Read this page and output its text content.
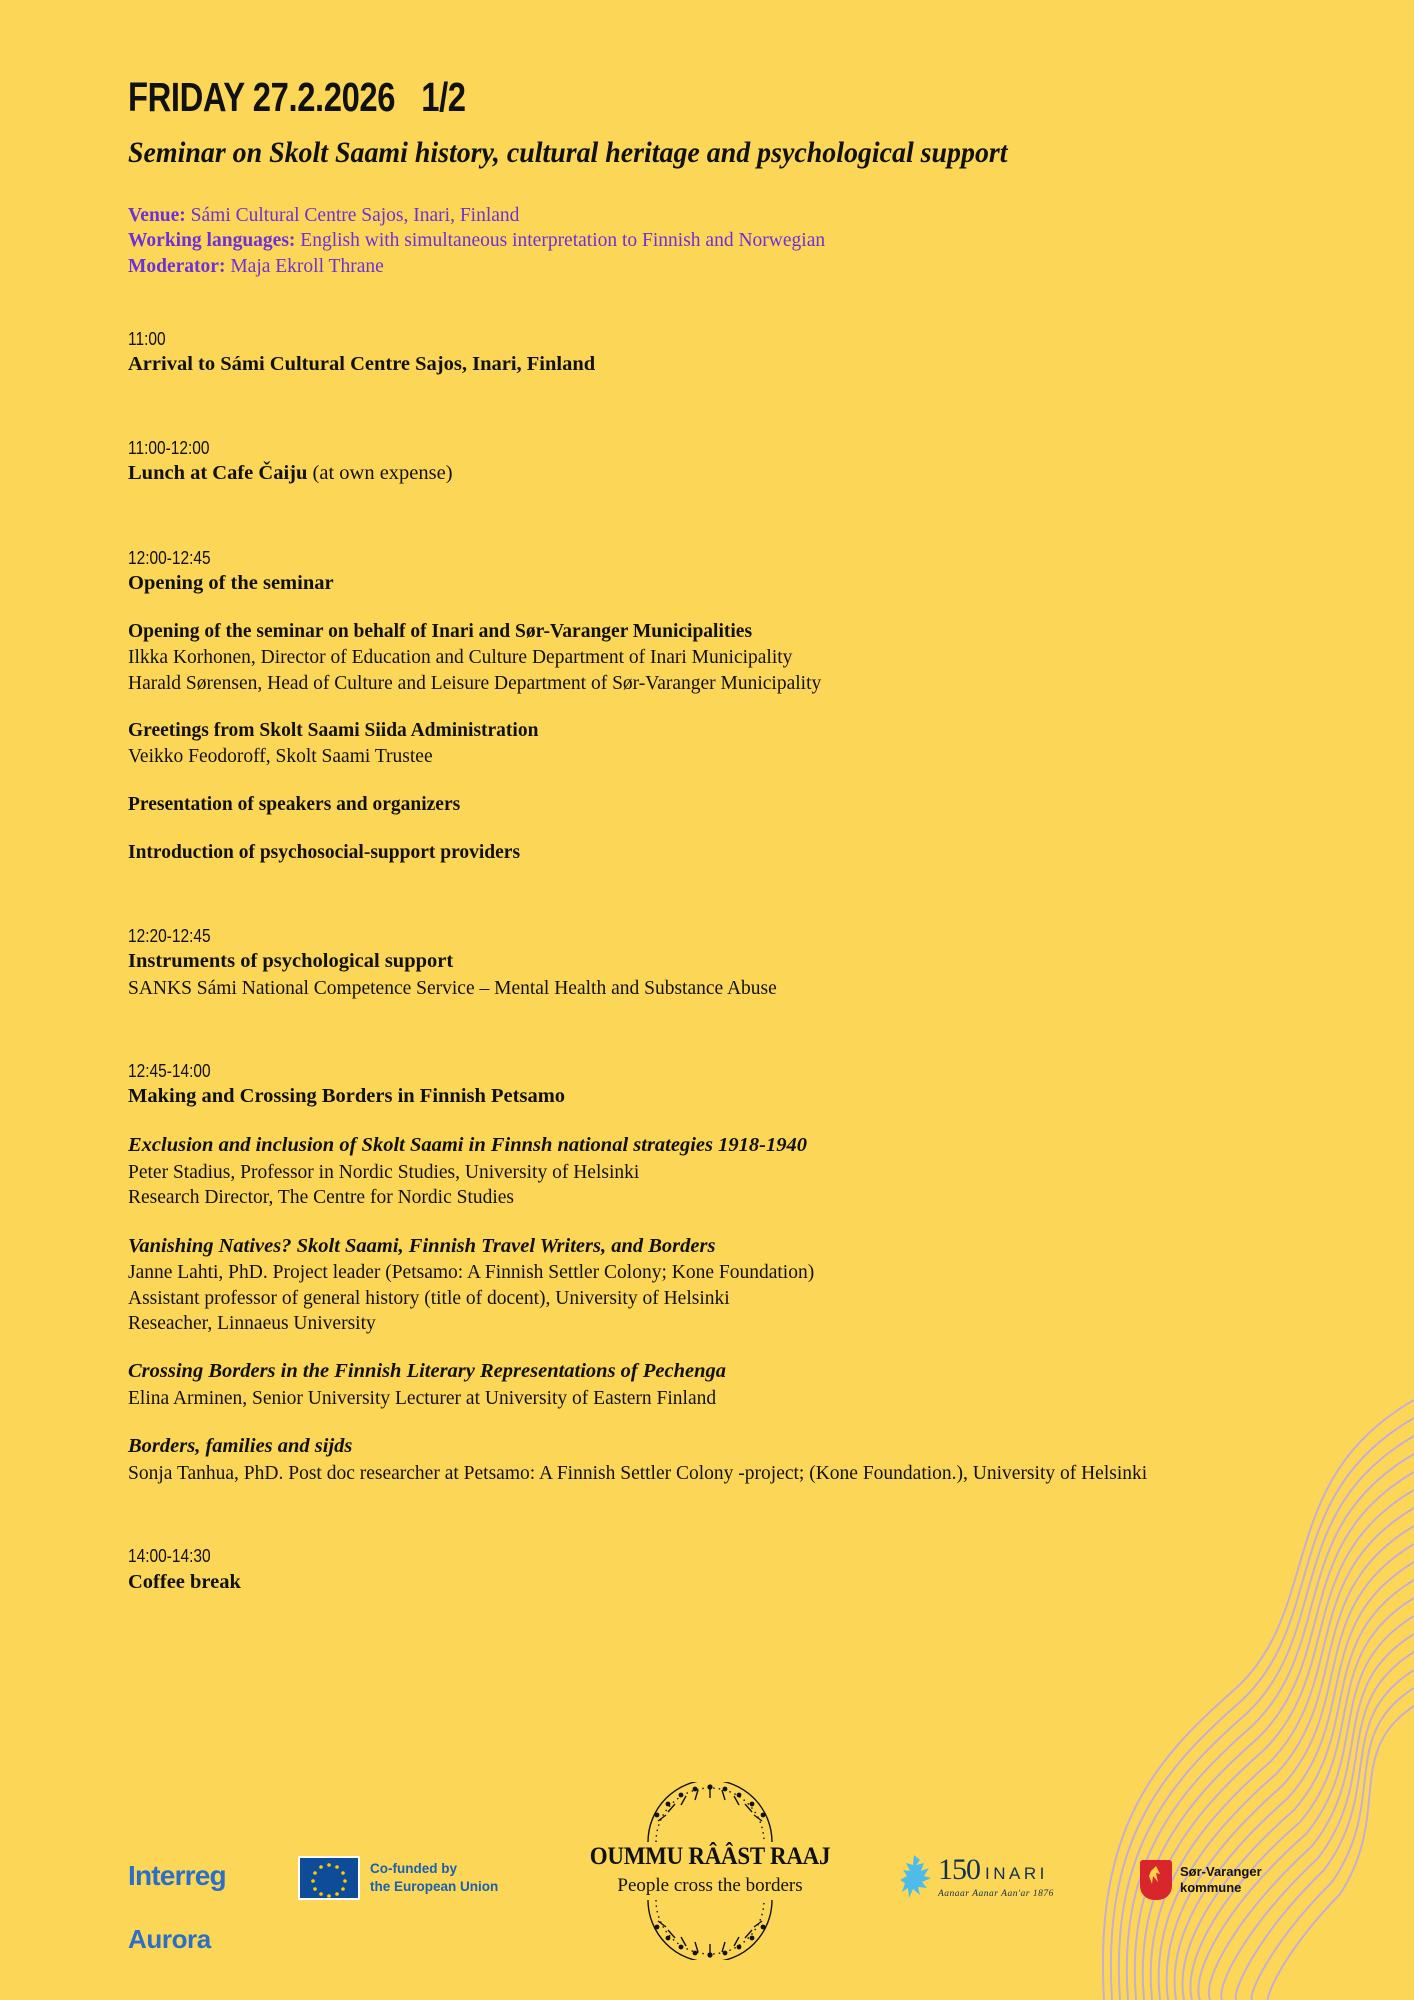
FRIDAY 27.2.2026   1/2
Seminar on Skolt Saami history, cultural heritage and psychological support
Venue: Sámi Cultural Centre Sajos, Inari, Finland
Working languages: English with simultaneous interpretation to Finnish and Norwegian
Moderator: Maja Ekroll Thrane
11:00
Arrival to Sámi Cultural Centre Sajos, Inari, Finland
11:00-12:00
Lunch at Cafe Čaiju (at own expense)
12:00-12:45
Opening of the seminar
Opening of the seminar on behalf of Inari and Sør-Varanger Municipalities
Ilkka Korhonen, Director of Education and Culture Department of Inari Municipality
Harald Sørensen, Head of Culture and Leisure Department of Sør-Varanger Municipality
Greetings from Skolt Saami Siida Administration
Veikko Feodoroff, Skolt Saami Trustee
Presentation of speakers and organizers
Introduction of psychosocial-support providers
12:20-12:45
Instruments of psychological support
SANKS Sámi National Competence Service – Mental Health and Substance Abuse
12:45-14:00
Making and Crossing Borders in Finnish Petsamo
Exclusion and inclusion of Skolt Saami in Finnsh national strategies 1918-1940
Peter Stadius, Professor in Nordic Studies, University of Helsinki
Research Director, The Centre for Nordic Studies
Vanishing Natives? Skolt Saami, Finnish Travel Writers, and Borders
Janne Lahti, PhD. Project leader (Petsamo: A Finnish Settler Colony; Kone Foundation)
Assistant professor of general history (title of docent), University of Helsinki
Reseacher, Linnaeus University
Crossing Borders in the Finnish Literary Representations of Pechenga
Elina Arminen, Senior University Lecturer at University of Eastern Finland
Borders, families and sijds
Sonja Tanhua, PhD. Post doc researcher at Petsamo: A Finnish Settler Colony -project; (Kone Foundation.), University of Helsinki
14:00-14:30
Coffee break
Interreg
Aurora
Co-funded by
the European Union
OUMMU RÂÂST RAAJ
People cross the borders	150 INARI
Aanaar Aanar Aanʹar 1876
Sør-Varanger
kommune
